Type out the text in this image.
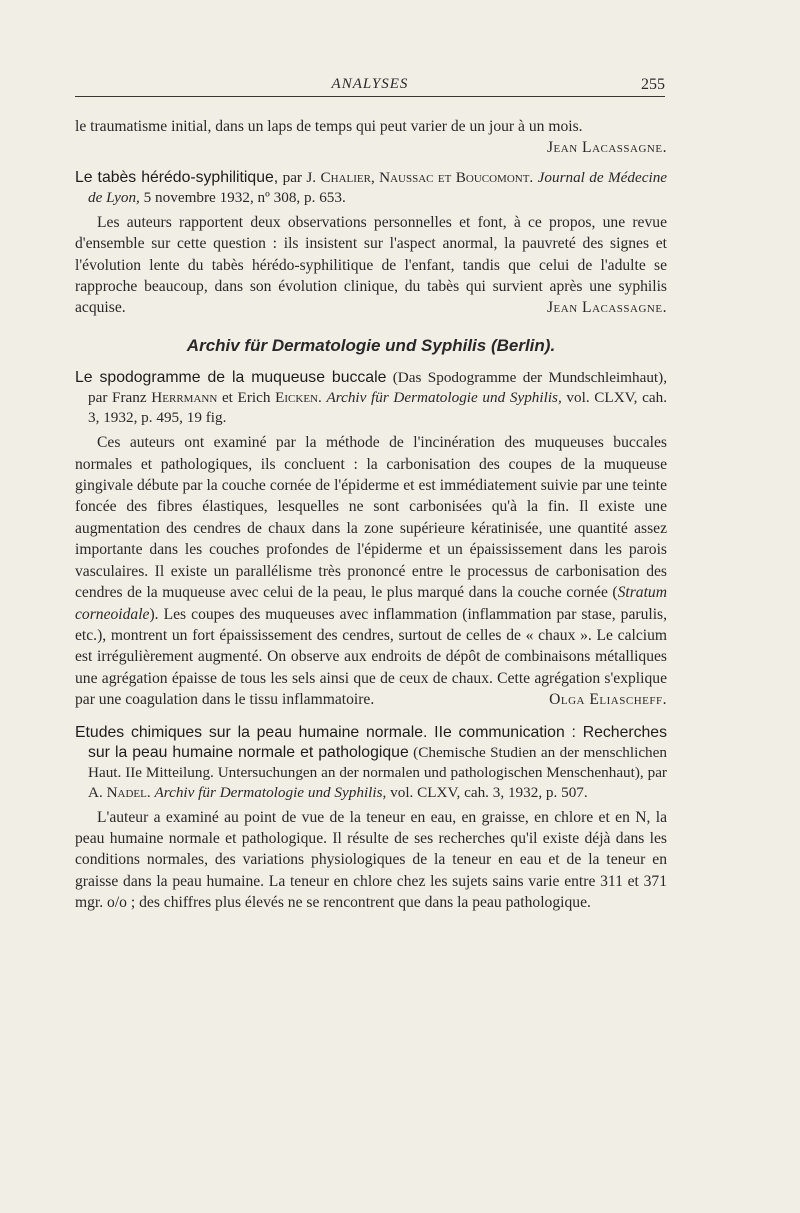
ANALYSES	255

le traumatisme initial, dans un laps de temps qui peut varier de un jour à un mois.
Jean Lacassagne.

Le tabès hérédo-syphilitique, par J. Chalier, Naussac et Boucomont. Journal de Médecine de Lyon, 5 novembre 1932, nº 308, p. 653.

Les auteurs rapportent deux observations personnelles et font, à ce propos, une revue d'ensemble sur cette question : ils insistent sur l'aspect anormal, la pauvreté des signes et l'évolution lente du tabès hérédo-syphilitique de l'enfant, tandis que celui de l'adulte se rapproche beaucoup, dans son évolution clinique, du tabès qui survient après une syphilis acquise.	Jean Lacassagne.

Archiv für Dermatologie und Syphilis (Berlin).
Le spodogramme de la muqueuse buccale (Das Spodogramme der Mundschleimhaut), par Franz Herrmann et Erich Eicken. Archiv für Dermatologie und Syphilis, vol. CLXV, cah. 3, 1932, p. 495, 19 fig.

Ces auteurs ont examiné par la méthode de l'incinération des muqueuses buccales normales et pathologiques, ils concluent : la carbonisation des coupes de la muqueuse gingivale débute par la couche cornée de l'épiderme et est immédiatement suivie par une teinte foncée des fibres élastiques, lesquelles ne sont carbonisées qu'à la fin. Il existe une augmentation des cendres de chaux dans la zone supérieure kératinisée, une quantité assez importante dans les couches profondes de l'épiderme et un épaississement dans les parois vasculaires. Il existe un parallélisme très prononcé entre le processus de carbonisation des cendres de la muqueuse avec celui de la peau, le plus marqué dans la couche cornée (Stratum corneoidale). Les coupes des muqueuses avec inflammation (inflammation par stase, parulis, etc.), montrent un fort épaississement des cendres, surtout de celles de « chaux ». Le calcium est irrégulièrement augmenté. On observe aux endroits de dépôt de combinaisons métalliques une agrégation épaisse de tous les sels ainsi que de ceux de chaux. Cette agrégation s'explique par une coagulation dans le tissu inflammatoire.	Olga Eliascheff.

Etudes chimiques sur la peau humaine normale. IIe communication : Recherches sur la peau humaine normale et pathologique (Chemische Studien an der menschlichen Haut. IIe Mitteilung. Untersuchungen an der normalen und pathologischen Menschenhaut), par A. Nadel. Archiv für Dermatologie und Syphilis, vol. CLXV, cah. 3, 1932, p. 507.

L'auteur a examiné au point de vue de la teneur en eau, en graisse, en chlore et en N, la peau humaine normale et pathologique. Il résulte de ses recherches qu'il existe déjà dans les conditions normales, des variations physiologiques de la teneur en eau et de la teneur en graisse dans la peau humaine. La teneur en chlore chez les sujets sains varie entre 311 et 371 mgr. o/o ; des chiffres plus élevés ne se rencontrent que dans la peau pathologique.
